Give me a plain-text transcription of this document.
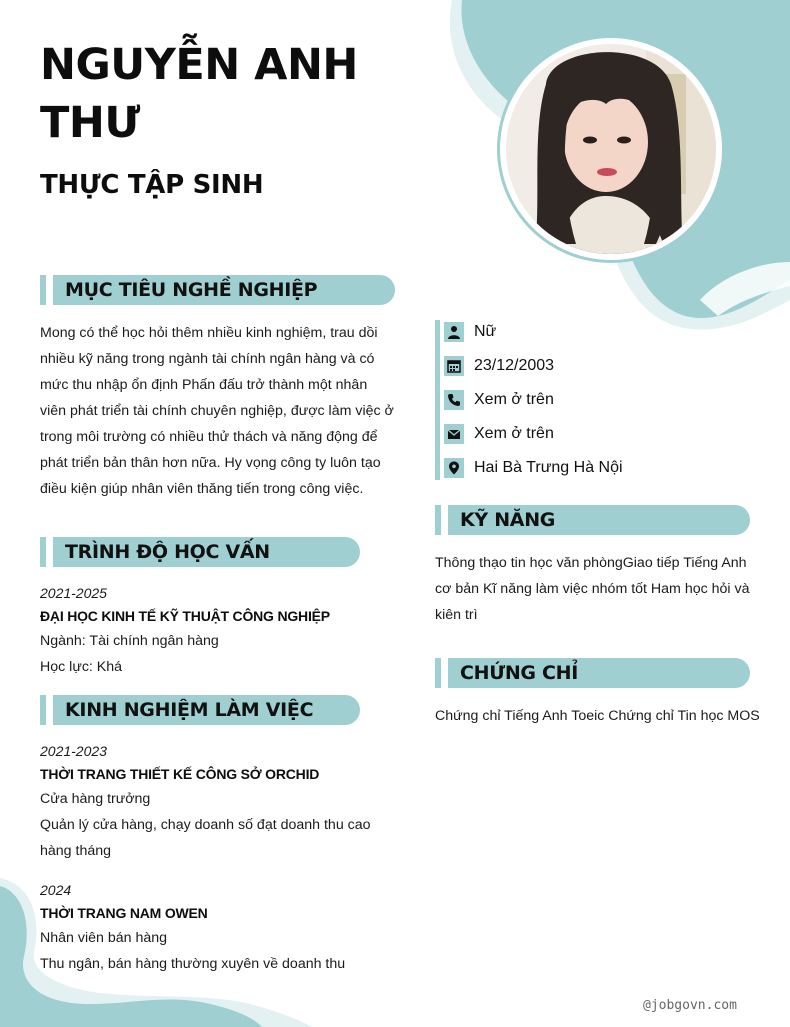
NGUYỄN ANH THƯ
THỰC TẬP SINH
MỤC TIÊU NGHỀ NGHIỆP
Mong có thể học hỏi thêm nhiều kinh nghiệm, trau dồi nhiều kỹ năng trong ngành tài chính ngân hàng và có mức thu nhập ổn định Phấn đấu trở thành một nhân viên phát triển tài chính chuyên nghiệp, được làm việc ở trong môi trường có nhiều thử thách và năng động để phát triển bản thân hơn nữa. Hy vọng công ty luôn tạo điều kiện giúp nhân viên thăng tiến trong công việc.
TRÌNH ĐỘ HỌC VẤN
2021-2025
ĐẠI HỌC KINH TẾ KỸ THUẬT CÔNG NGHIỆP
Ngành: Tài chính ngân hàng
Học lực: Khá
KINH NGHIỆM LÀM VIỆC
2021-2023
THỜI TRANG THIẾT KẾ CÔNG SỞ ORCHID
Cửa hàng trưởng
Quản lý cửa hàng, chạy doanh số đạt doanh thu cao hàng tháng
2024
THỜI TRANG NAM OWEN
Nhân viên bán hàng
Thu ngân, bán hàng thường xuyên về doanh thu
Nữ
23/12/2003
Xem ở trên
Xem ở trên
Hai Bà Trưng Hà Nội
KỸ NĂNG
Thông thạo tin học văn phòngGiao tiếp Tiếng Anh cơ bản Kĩ năng làm việc nhóm tốt Ham học hỏi và kiên trì
CHỨNG CHỈ
Chứng chỉ Tiếng Anh Toeic Chứng chỉ Tin học MOS
@jobgovn.com
